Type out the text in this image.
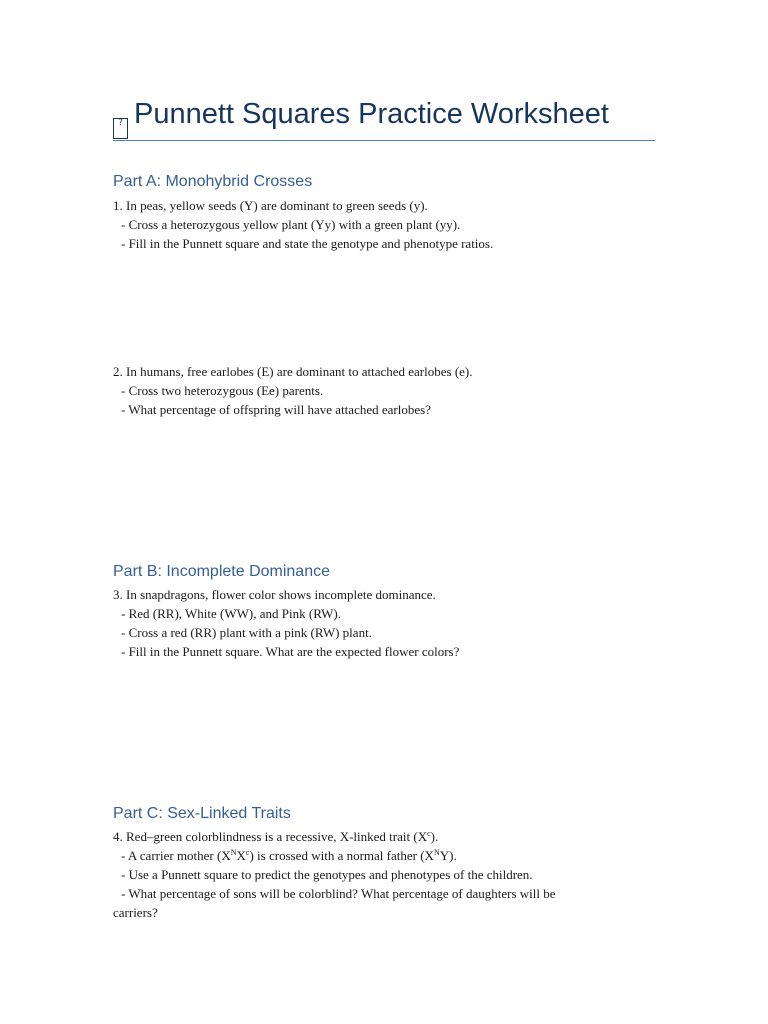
? Punnett Squares Practice Worksheet
Part A: Monohybrid Crosses
1. In peas, yellow seeds (Y) are dominant to green seeds (y).
- Cross a heterozygous yellow plant (Yy) with a green plant (yy).
- Fill in the Punnett square and state the genotype and phenotype ratios.
2. In humans, free earlobes (E) are dominant to attached earlobes (e).
- Cross two heterozygous (Ee) parents.
- What percentage of offspring will have attached earlobes?
Part B: Incomplete Dominance
3. In snapdragons, flower color shows incomplete dominance.
- Red (RR), White (WW), and Pink (RW).
- Cross a red (RR) plant with a pink (RW) plant.
- Fill in the Punnett square. What are the expected flower colors?
Part C: Sex-Linked Traits
4. Red–green colorblindness is a recessive, X-linked trait $(X^c)$.
- A carrier mother $(X^NX^c)$ is crossed with a normal father $(X^NY)$.
- Use a Punnett square to predict the genotypes and phenotypes of the children.
- What percentage of sons will be colorblind? What percentage of daughters will be
carriers?
